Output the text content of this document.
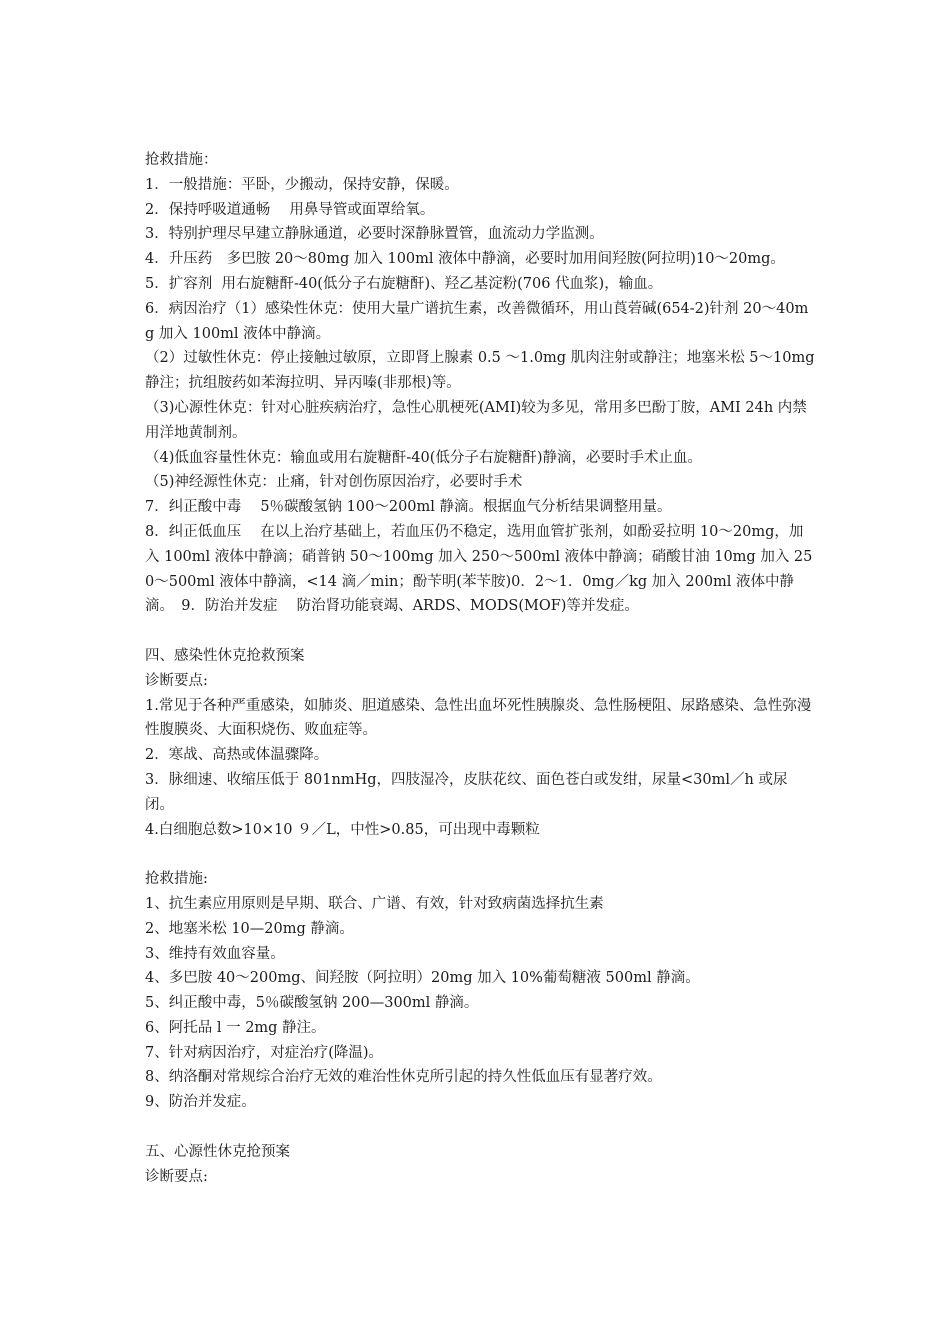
抢救措施：

1．一般措施：平卧，少搬动，保持安静，保暖。

2．保持呼吸道通畅　 用鼻导管或面罩给氧。

3．特别护理尽早建立静脉通道，必要时深静脉置管，血流动力学监测。

4．升压药　多巴胺 20～80mg 加入 100ml 液体中静滴，必要时加用间羟胺(阿拉明)10～20mg。

5．扩容剂  用右旋糖酐-40(低分子右旋糖酐)、羟乙基淀粉(706 代血浆)，输血。

6．病因治疗（1）感染性休克：使用大量广谱抗生素，改善微循环，用山莨菪碱(654-2)针剂 20～40mg 加入 100ml 液体中静滴。

（2）过敏性休克：停止接触过敏原，立即肾上腺素 0.5 ～1.0mg 肌肉注射或静注；地塞米松 5～10mg 静注；抗组胺药如苯海拉明、异丙嗪(非那根)等。

（3)心源性休克：针对心脏疾病治疗，急性心肌梗死(AMI)较为多见，常用多巴酚丁胺，AMI 24h 内禁用洋地黄制剂。

（4)低血容量性休克：输血或用右旋糖酐-40(低分子右旋糖酐)静滴，必要时手术止血。

（5)神经源性休克：止痛，针对创伤原因治疗，必要时手术

7．纠正酸中毒　 5％碳酸氢钠 100～200ml 静滴。根据血气分析结果调整用量。

8．纠正低血压　 在以上治疗基础上，若血压仍不稳定，选用血管扩张剂，如酚妥拉明 10～20mg，加入 100ml 液体中静滴；硝普钠 50～100mg 加入 250～500ml 液体中静滴；硝酸甘油 10mg 加入 250～500ml 液体中静滴，<14 滴／min；酚苄明(苯苄胺)0．2～1．0mg／kg 加入 200ml 液体中静滴。　9．防治并发症　 防治肾功能衰竭、ARDS、MODS(MOF)等并发症。

四、感染性休克抢救预案

诊断要点:

1.常见于各种严重感染，如肺炎、胆道感染、急性出血坏死性胰腺炎、急性肠梗阻、尿路感染、急性弥漫性腹膜炎、大面积烧伤、败血症等。

2．寒战、高热或体温骤降。

3．脉细速、收缩压低于 801nmHg，四肢湿冷，皮肤花纹、面色苍白或发绀，尿量<30ml／h 或尿闭。

4.白细胞总数>10×10 ９／L，中性>0.85，可出现中毒颗粒

抢救措施:

1、抗生素应用原则是早期、联合、广谱、有效，针对致病菌选择抗生素

2、地塞米松 10—20mg 静滴。

3、维持有效血容量。

4、多巴胺 40～200mg、间羟胺（阿拉明）20mg 加入 10%葡萄糖液 500ml 静滴。

5、纠正酸中毒，5％碳酸氢钠 200—300ml 静滴。

6、阿托品 l 一 2mg 静注。

7、针对病因治疗，对症治疗(降温)。

8、纳洛酮对常规综合治疗无效的难治性休克所引起的持久性低血压有显著疗效。

9、防治并发症。

五、心源性休克抢预案

诊断要点:
